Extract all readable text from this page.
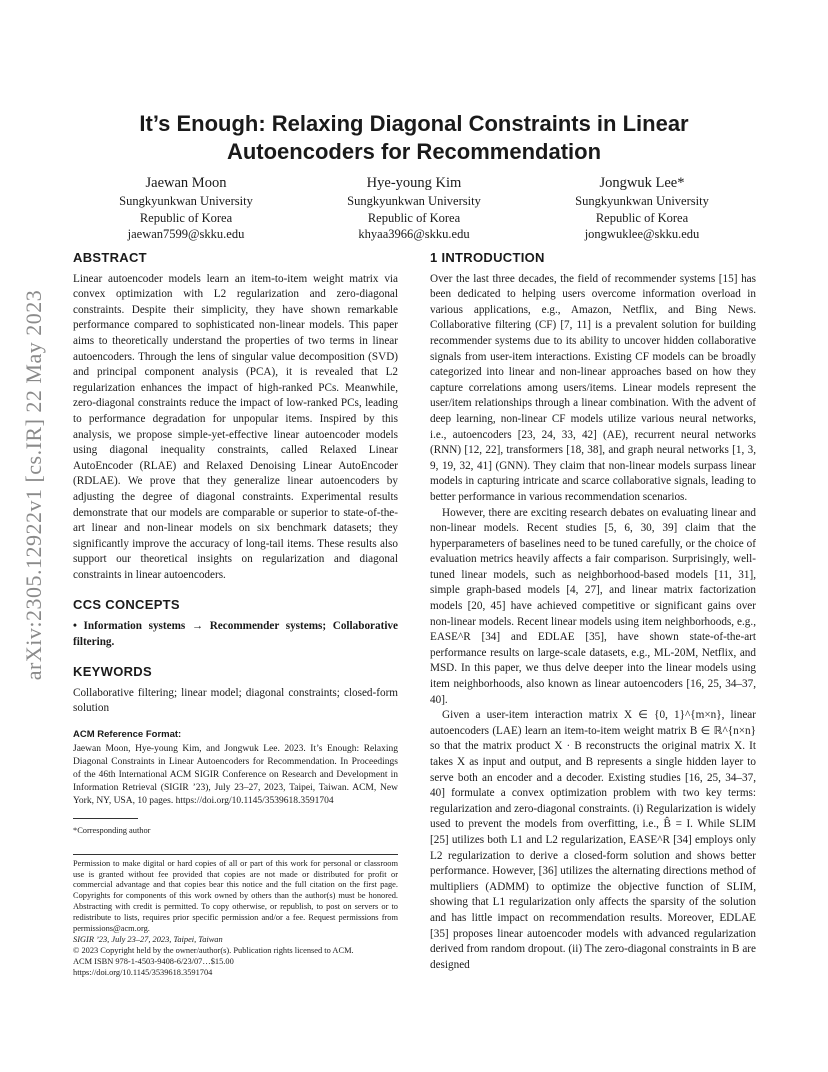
arXiv:2305.12922v1 [cs.IR] 22 May 2023
It’s Enough: Relaxing Diagonal Constraints in Linear Autoencoders for Recommendation
Jaewan Moon
Sungkyunkwan University
Republic of Korea
jaewan7599@skku.edu
Hye-young Kim
Sungkyunkwan University
Republic of Korea
khyaa3966@skku.edu
Jongwuk Lee*
Sungkyunkwan University
Republic of Korea
jongwuklee@skku.edu
ABSTRACT

Linear autoencoder models learn an item-to-item weight matrix via convex optimization with L2 regularization and zero-diagonal constraints. Despite their simplicity, they have shown remarkable performance compared to sophisticated non-linear models. This paper aims to theoretically understand the properties of two terms in linear autoencoders. Through the lens of singular value decomposition (SVD) and principal component analysis (PCA), it is revealed that L2 regularization enhances the impact of high-ranked PCs. Meanwhile, zero-diagonal constraints reduce the impact of low-ranked PCs, leading to performance degradation for unpopular items. Inspired by this analysis, we propose simple-yet-effective linear autoencoder models using diagonal inequality constraints, called Relaxed Linear AutoEncoder (RLAE) and Relaxed Denoising Linear AutoEncoder (RDLAE). We prove that they generalize linear autoencoders by adjusting the degree of diagonal constraints. Experimental results demonstrate that our models are comparable or superior to state-of-the-art linear and non-linear models on six benchmark datasets; they significantly improve the accuracy of long-tail items. These results also support our theoretical insights on regularization and diagonal constraints in linear autoencoders.

CCS CONCEPTS

• Information systems → Recommender systems; Collaborative filtering.

KEYWORDS

Collaborative filtering; linear model; diagonal constraints; closed-form solution

ACM Reference Format:

Jaewan Moon, Hye-young Kim, and Jongwuk Lee. 2023. It’s Enough: Relaxing Diagonal Constraints in Linear Autoencoders for Recommendation. In Proceedings of the 46th International ACM SIGIR Conference on Research and Development in Information Retrieval (SIGIR ’23), July 23–27, 2023, Taipei, Taiwan. ACM, New York, NY, USA, 10 pages. https://doi.org/10.1145/3539618.3591704

*Corresponding author

Permission to make digital or hard copies of all or part of this work for personal or classroom use is granted without fee provided that copies are not made or distributed for profit or commercial advantage and that copies bear this notice and the full citation on the first page. Copyrights for components of this work owned by others than the author(s) must be honored. Abstracting with credit is permitted. To copy otherwise, or republish, to post on servers or to redistribute to lists, requires prior specific permission and/or a fee. Request permissions from permissions@acm.org.

SIGIR ’23, July 23–27, 2023, Taipei, Taiwan

© 2023 Copyright held by the owner/author(s). Publication rights licensed to ACM.

ACM ISBN 978-1-4503-9408-6/23/07…$15.00

https://doi.org/10.1145/3539618.3591704

1 INTRODUCTION

Over the last three decades, the field of recommender systems [15] has been dedicated to helping users overcome information overload in various applications, e.g., Amazon, Netflix, and Bing News. Collaborative filtering (CF) [7, 11] is a prevalent solution for building recommender systems due to its ability to uncover hidden collaborative signals from user-item interactions. Existing CF models can be broadly categorized into linear and non-linear approaches based on how they capture correlations among users/items. Linear models represent the user/item relationships through a linear combination. With the advent of deep learning, non-linear CF models utilize various neural networks, i.e., autoencoders [23, 24, 33, 42] (AE), recurrent neural networks (RNN) [12, 22], transformers [18, 38], and graph neural networks [1, 3, 9, 19, 32, 41] (GNN). They claim that non-linear models surpass linear models in capturing intricate and scarce collaborative signals, leading to better performance in various recommendation scenarios.

However, there are exciting research debates on evaluating linear and non-linear models. Recent studies [5, 6, 30, 39] claim that the hyperparameters of baselines need to be tuned carefully, or the choice of evaluation metrics heavily affects a fair comparison. Surprisingly, well-tuned linear models, such as neighborhood-based models [11, 31], simple graph-based models [4, 27], and linear matrix factorization models [20, 45] have achieved competitive or significant gains over non-linear models. Recent linear models using item neighborhoods, e.g., EASE^R [34] and EDLAE [35], have shown state-of-the-art performance results on large-scale datasets, e.g., ML-20M, Netflix, and MSD. In this paper, we thus delve deeper into the linear models using item neighborhoods, also known as linear autoencoders [16, 25, 34–37, 40].

Given a user-item interaction matrix X ∈ {0, 1}^{m×n}, linear autoencoders (LAE) learn an item-to-item weight matrix B ∈ ℝ^{n×n} so that the matrix product X · B reconstructs the original matrix X. It takes X as input and output, and B represents a single hidden layer to serve both an encoder and a decoder. Existing studies [16, 25, 34–37, 40] formulate a convex optimization problem with two key terms: regularization and zero-diagonal constraints. (i) Regularization is widely used to prevent the models from overfitting, i.e., B̂ = I. While SLIM [25] utilizes both L1 and L2 regularization, EASE^R [34] employs only L2 regularization to derive a closed-form solution and shows better performance. However, [36] utilizes the alternating directions method of multipliers (ADMM) to optimize the objective function of SLIM, showing that L1 regularization only affects the sparsity of the solution and has little impact on recommendation results. Moreover, EDLAE [35] proposes linear autoencoder models with advanced regularization derived from random dropout. (ii) The zero-diagonal constraints in B are designed
